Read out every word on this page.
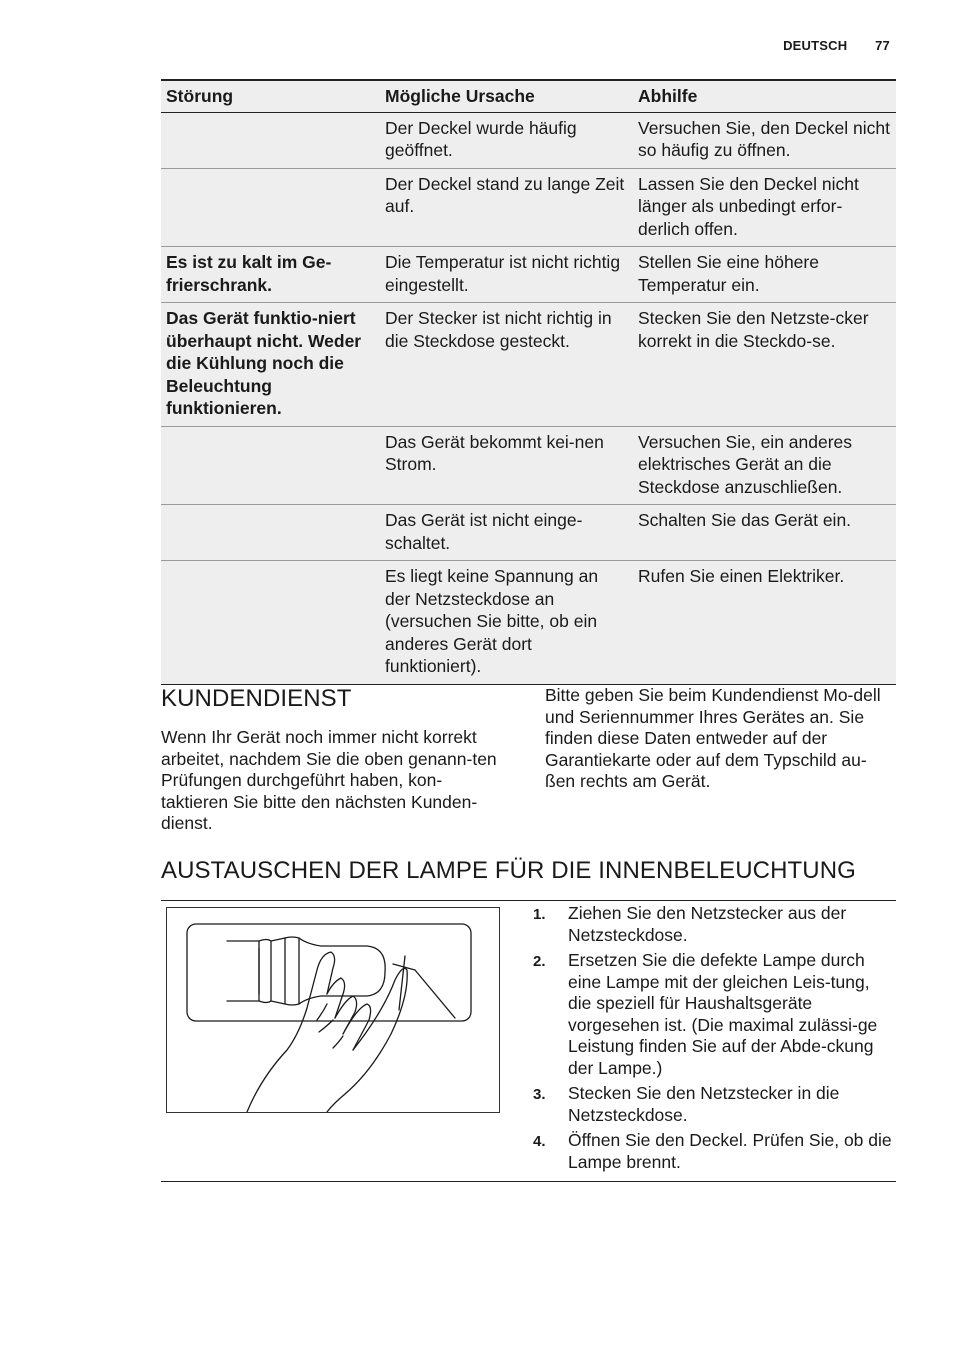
DEUTSCH 77
Störung	Mögliche Ursache	Abhilfe
	Der Deckel wurde häufig geöffnet.	Versuchen Sie, den Deckel nicht so häufig zu öffnen.
	Der Deckel stand zu lange Zeit auf.	Lassen Sie den Deckel nicht länger als unbedingt erfor-derlich offen.
Es ist zu kalt im Ge-frierschrank.	Die Temperatur ist nicht richtig eingestellt.	Stellen Sie eine höhere Temperatur ein.
Das Gerät funktio-niert überhaupt nicht. Weder die Kühlung noch die Beleuchtung funktionieren.	Der Stecker ist nicht richtig in die Steckdose gesteckt.	Stecken Sie den Netzste-cker korrekt in die Steckdo-se.
	Das Gerät bekommt kei-nen Strom.	Versuchen Sie, ein anderes elektrisches Gerät an die Steckdose anzuschließen.
	Das Gerät ist nicht einge-schaltet.	Schalten Sie das Gerät ein.
	Es liegt keine Spannung an der Netzsteckdose an (versuchen Sie bitte, ob ein anderes Gerät dort funktioniert).	Rufen Sie einen Elektriker.
KUNDENDIENST

Wenn Ihr Gerät noch immer nicht korrekt arbeitet, nachdem Sie die oben genann-ten Prüfungen durchgeführt haben, kon-taktieren Sie bitte den nächsten Kunden-dienst.

Bitte geben Sie beim Kundendienst Mo-dell und Seriennummer Ihres Gerätes an. Sie finden diese Daten entweder auf der Garantiekarte oder auf dem Typschild au-ßen rechts am Gerät.

AUSTAUSCHEN DER LAMPE FÜR DIE INNENBELEUCHTUNG
1. Ziehen Sie den Netzstecker aus der Netzsteckdose.
2. Ersetzen Sie die defekte Lampe durch eine Lampe mit der gleichen Leis-tung, die speziell für Haushaltsgeräte vorgesehen ist. (Die maximal zulässi-ge Leistung finden Sie auf der Abde-ckung der Lampe.)
3. Stecken Sie den Netzstecker in die Netzsteckdose.
4. Öffnen Sie den Deckel. Prüfen Sie, ob die Lampe brennt.
